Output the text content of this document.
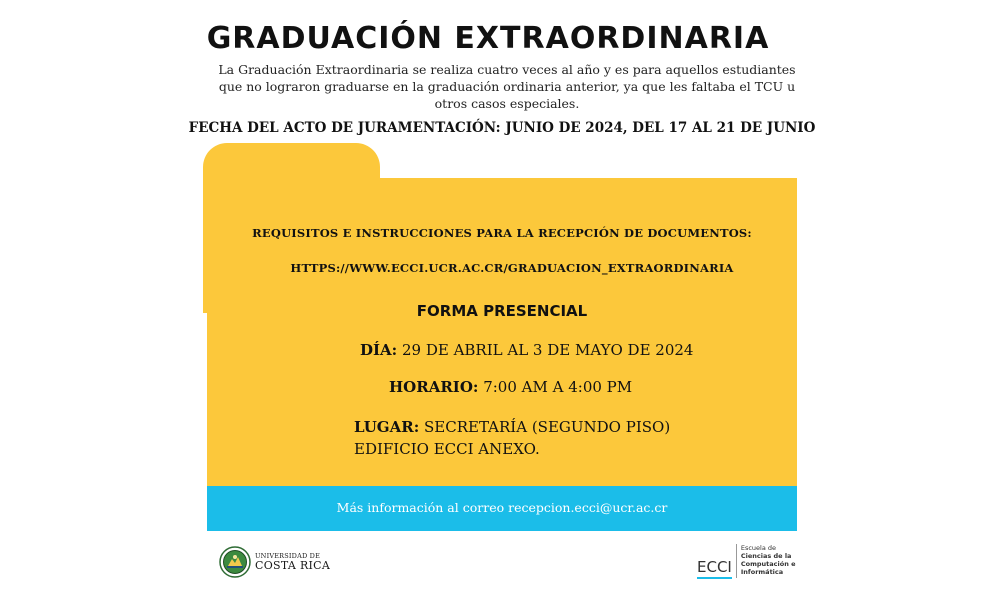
GRADUACIÓN EXTRAORDINARIA
La Graduación Extraordinaria se realiza cuatro veces al año y es para aquellos estudiantes que no lograron graduarse en la graduación ordinaria anterior, ya que les faltaba el TCU u otros casos especiales.
FECHA DEL ACTO DE JURAMENTACIÓN: JUNIO DE 2024, DEL 17 AL 21 DE JUNIO
REQUISITOS E INSTRUCCIONES PARA LA RECEPCIÓN DE DOCUMENTOS:
HTTPS://WWW.ECCI.UCR.AC.CR/GRADUACION_EXTRAORDINARIA
FORMA PRESENCIAL
DÍA: 29 DE ABRIL AL 3 DE MAYO DE 2024
HORARIO: 7:00 AM A 4:00 PM
LUGAR: SECRETARÍA (SEGUNDO PISO)
EDIFICIO ECCI ANEXO.
Más información al correo recepcion.ecci@ucr.ac.cr
UNIVERSIDAD DE
COSTA RICA	ECCI
Escuela de
Ciencias de la
Computación e
Informática
